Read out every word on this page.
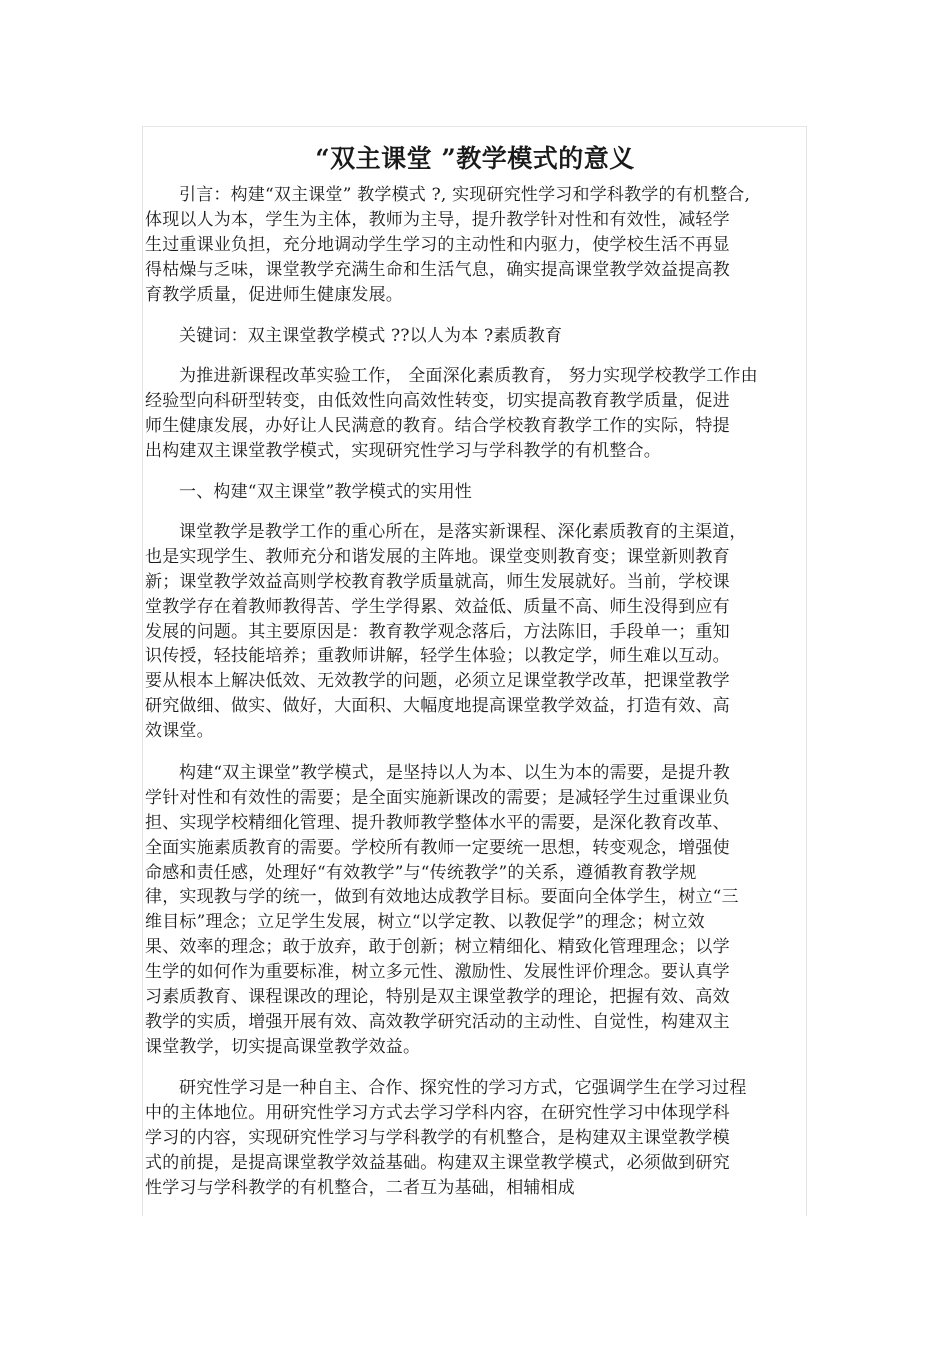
“双主课堂 ”教学模式的意义
引言：构建“双主课堂” 教学模式 ?, 实现研究性学习和学科教学的有机整合,
体现以人为本，学生为主体，教师为主导，提升教学针对性和有效性，减轻学
生过重课业负担，充分地调动学生学习的主动性和内驱力，使学校生活不再显
得枯燥与乏味，课堂教学充满生命和生活气息，确实提高课堂教学效益提高教
育教学质量，促进师生健康发展。
关键词：双主课堂教学模式 ??以人为本 ?素质教育
为推进新课程改革实验工作， 全面深化素质教育， 努力实现学校教学工作由
经验型向科研型转变，由低效性向高效性转变，切实提高教育教学质量，促进
师生健康发展，办好让人民满意的教育。结合学校教育教学工作的实际，特提
出构建双主课堂教学模式，实现研究性学习与学科教学的有机整合。
一、构建“双主课堂”教学模式的实用性
课堂教学是教学工作的重心所在，是落实新课程、深化素质教育的主渠道，
也是实现学生、教师充分和谐发展的主阵地。课堂变则教育变；课堂新则教育
新；课堂教学效益高则学校教育教学质量就高，师生发展就好。当前，学校课
堂教学存在着教师教得苦、学生学得累、效益低、质量不高、师生没得到应有
发展的问题。其主要原因是：教育教学观念落后，方法陈旧，手段单一；重知
识传授，轻技能培养；重教师讲解，轻学生体验；以教定学，师生难以互动。
要从根本上解决低效、无效教学的问题，必须立足课堂教学改革，把课堂教学
研究做细、做实、做好，大面积、大幅度地提高课堂教学效益，打造有效、高
效课堂。
构建“双主课堂”教学模式，是坚持以人为本、以生为本的需要，是提升教
学针对性和有效性的需要；是全面实施新课改的需要；是减轻学生过重课业负
担、实现学校精细化管理、提升教师教学整体水平的需要，是深化教育改革、
全面实施素质教育的需要。学校所有教师一定要统一思想，转变观念，增强使
命感和责任感，处理好“有效教学”与“传统教学”的关系，遵循教育教学规
律，实现教与学的统一，做到有效地达成教学目标。要面向全体学生，树立“三
维目标”理念；立足学生发展，树立“以学定教、以教促学”的理念；树立效
果、效率的理念；敢于放弃，敢于创新；树立精细化、精致化管理理念；以学
生学的如何作为重要标准，树立多元性、激励性、发展性评价理念。要认真学
习素质教育、课程课改的理论，特别是双主课堂教学的理论，把握有效、高效
教学的实质，增强开展有效、高效教学研究活动的主动性、自觉性，构建双主
课堂教学，切实提高课堂教学效益。
研究性学习是一种自主、合作、探究性的学习方式，它强调学生在学习过程
中的主体地位。用研究性学习方式去学习学科内容，在研究性学习中体现学科
学习的内容，实现研究性学习与学科教学的有机整合，是构建双主课堂教学模
式的前提，是提高课堂教学效益基础。构建双主课堂教学模式，必须做到研究
性学习与学科教学的有机整合，二者互为基础，相辅相成
